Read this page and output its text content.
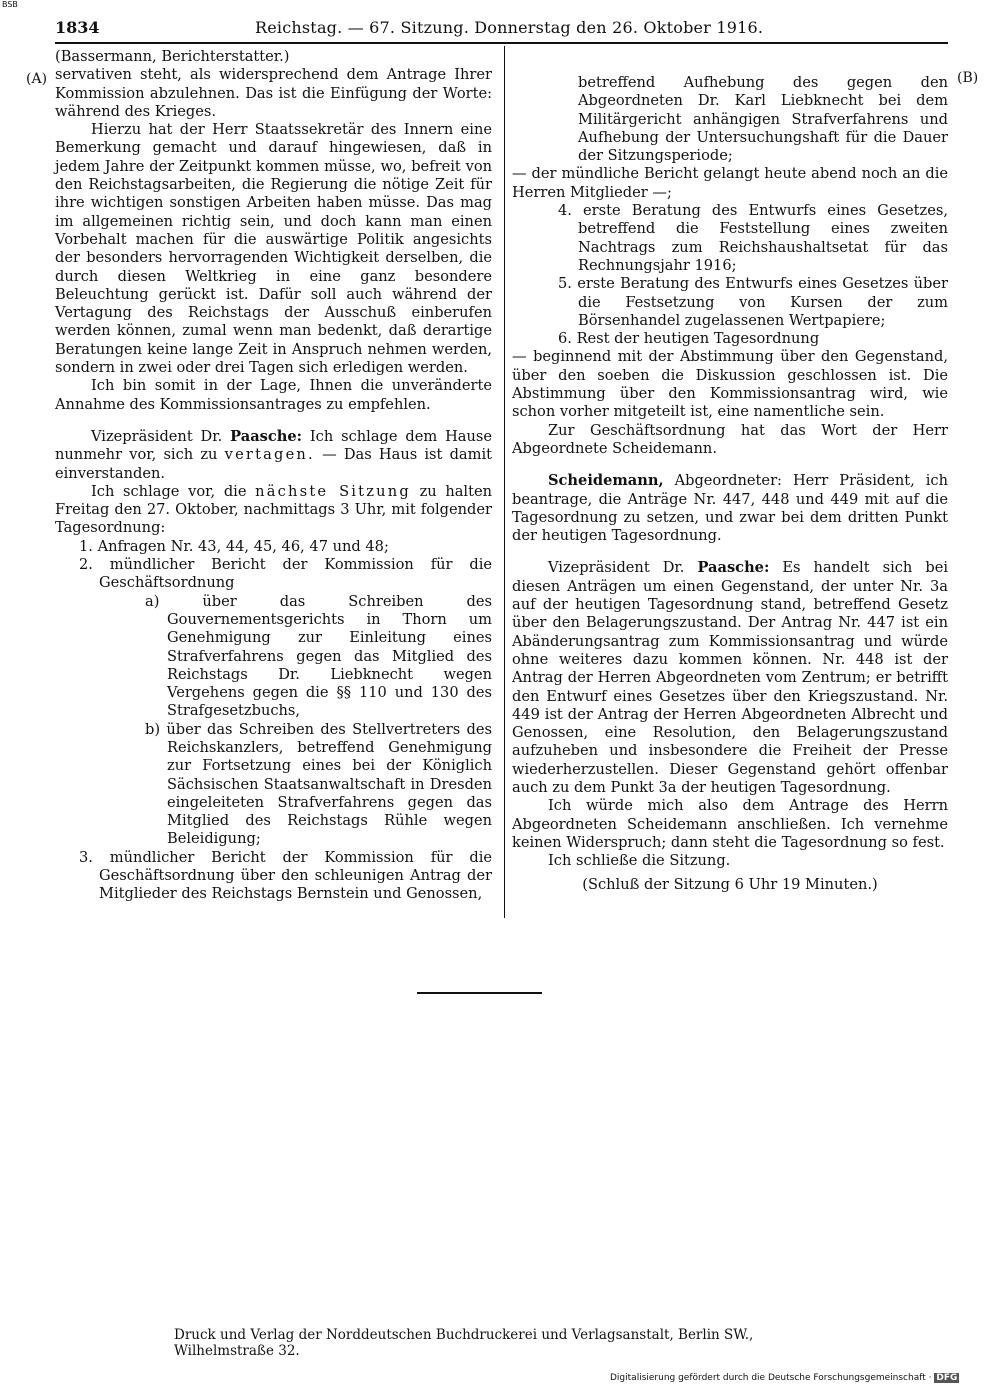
BSB
1834	Reichstag. — 67. Sitzung. Donnerstag den 26. Oktober 1916.
(A)	(B)

(Bassermann, Berichterstatter.)

servativen steht, als widersprechend dem Antrage Ihrer Kommission abzulehnen. Das ist die Einfügung der Worte: während des Krieges.

Hierzu hat der Herr Staatssekretär des Innern eine Bemerkung gemacht und darauf hingewiesen, daß in jedem Jahre der Zeitpunkt kommen müsse, wo, befreit von den Reichstagsarbeiten, die Regierung die nötige Zeit für ihre wichtigen sonstigen Arbeiten haben müsse. Das mag im allgemeinen richtig sein, und doch kann man einen Vorbehalt machen für die auswärtige Politik angesichts der besonders hervorragenden Wichtigkeit derselben, die durch diesen Weltkrieg in eine ganz besondere Beleuchtung gerückt ist. Dafür soll auch während der Vertagung des Reichstags der Ausschuß einberufen werden können, zumal wenn man bedenkt, daß derartige Beratungen keine lange Zeit in Anspruch nehmen werden, sondern in zwei oder drei Tagen sich erledigen werden.

Ich bin somit in der Lage, Ihnen die unveränderte Annahme des Kommissionsantrages zu empfehlen.

Vizepräsident Dr. Paasche: Ich schlage dem Hause nunmehr vor, sich zu vertagen. — Das Haus ist damit einverstanden.

Ich schlage vor, die nächste Sitzung zu halten Freitag den 27. Oktober, nachmittags 3 Uhr, mit folgender Tagesordnung:

1. Anfragen Nr. 43, 44, 45, 46, 47 und 48;

2. mündlicher Bericht der Kommission für die Geschäftsordnung

a) über das Schreiben des Gouvernementsgerichts in Thorn um Genehmigung zur Einleitung eines Strafverfahrens gegen das Mitglied des Reichstags Dr. Liebknecht wegen Vergehens gegen die §§ 110 und 130 des Strafgesetzbuchs,

b) über das Schreiben des Stellvertreters des Reichskanzlers, betreffend Genehmigung zur Fortsetzung eines bei der Königlich Sächsischen Staatsanwaltschaft in Dresden eingeleiteten Strafverfahrens gegen das Mitglied des Reichstags Rühle wegen Beleidigung;

3. mündlicher Bericht der Kommission für die Geschäftsordnung über den schleunigen Antrag der Mitglieder des Reichstags Bernstein und Genossen,

betreffend Aufhebung des gegen den Abgeordneten Dr. Karl Liebknecht bei dem Militärgericht anhängigen Strafverfahrens und Aufhebung der Untersuchungshaft für die Dauer der Sitzungsperiode;

— der mündliche Bericht gelangt heute abend noch an die Herren Mitglieder —;

4. erste Beratung des Entwurfs eines Gesetzes, betreffend die Feststellung eines zweiten Nachtrags zum Reichshaushaltsetat für das Rechnungsjahr 1916;

5. erste Beratung des Entwurfs eines Gesetzes über die Festsetzung von Kursen der zum Börsenhandel zugelassenen Wertpapiere;

6. Rest der heutigen Tagesordnung

— beginnend mit der Abstimmung über den Gegenstand, über den soeben die Diskussion geschlossen ist. Die Abstimmung über den Kommissionsantrag wird, wie schon vorher mitgeteilt ist, eine namentliche sein.

Zur Geschäftsordnung hat das Wort der Herr Abgeordnete Scheidemann.

Scheidemann, Abgeordneter: Herr Präsident, ich beantrage, die Anträge Nr. 447, 448 und 449 mit auf die Tagesordnung zu setzen, und zwar bei dem dritten Punkt der heutigen Tagesordnung.

Vizepräsident Dr. Paasche: Es handelt sich bei diesen Anträgen um einen Gegenstand, der unter Nr. 3a auf der heutigen Tagesordnung stand, betreffend Gesetz über den Belagerungszustand. Der Antrag Nr. 447 ist ein Abänderungsantrag zum Kommissionsantrag und würde ohne weiteres dazu kommen können. Nr. 448 ist der Antrag der Herren Abgeordneten vom Zentrum; er betrifft den Entwurf eines Gesetzes über den Kriegszustand. Nr. 449 ist der Antrag der Herren Abgeordneten Albrecht und Genossen, eine Resolution, den Belagerungszustand aufzuheben und insbesondere die Freiheit der Presse wiederherzustellen. Dieser Gegenstand gehört offenbar auch zu dem Punkt 3a der heutigen Tagesordnung.

Ich würde mich also dem Antrage des Herrn Abgeordneten Scheidemann anschließen. Ich vernehme keinen Widerspruch; dann steht die Tagesordnung so fest.

Ich schließe die Sitzung.

(Schluß der Sitzung 6 Uhr 19 Minuten.)

Druck und Verlag der Norddeutschen Buchdruckerei und Verlagsanstalt, Berlin SW., Wilhelmstraße 32.
Digitalisierung gefördert durch die Deutsche Forschungsgemeinschaft · DFG
